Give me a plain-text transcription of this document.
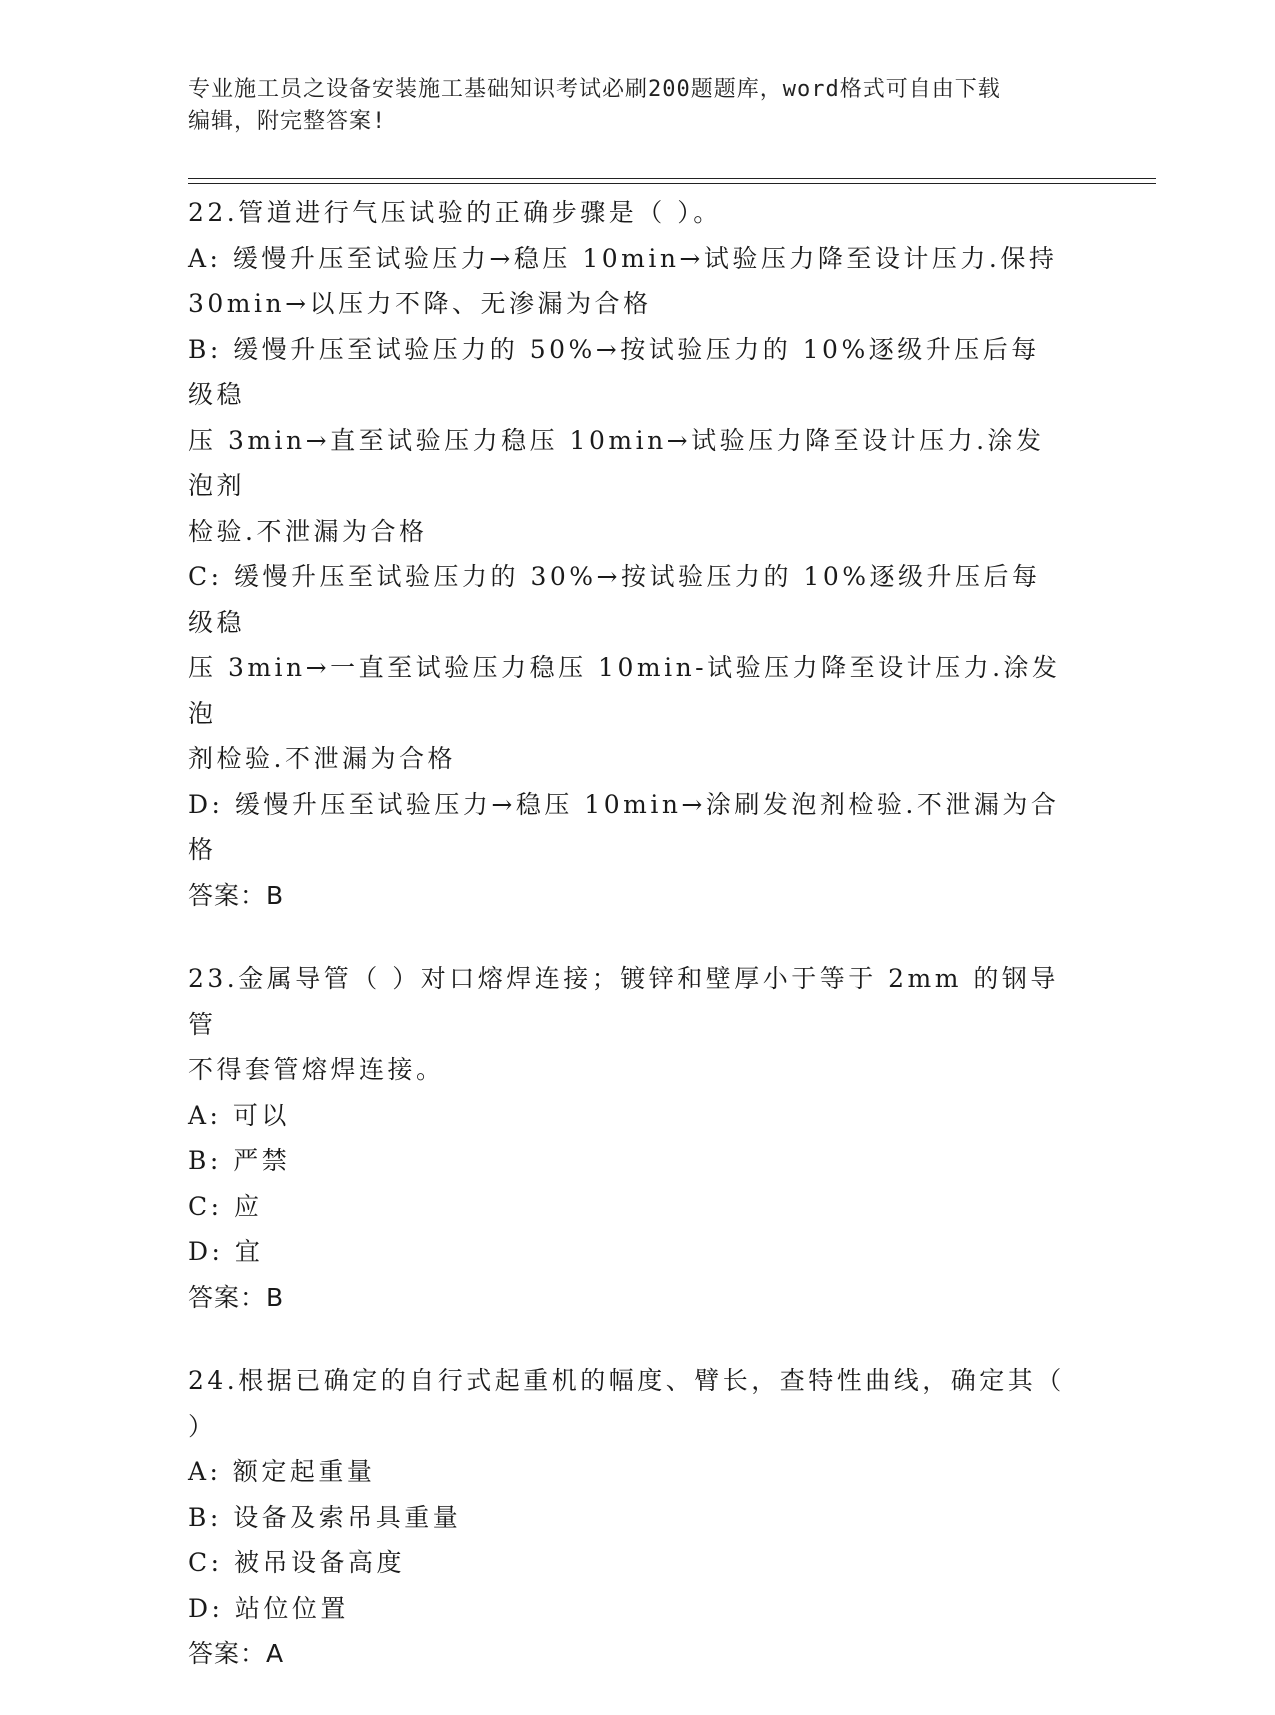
专业施工员之设备安装施工基础知识考试必刷200题题库，word格式可自由下载
编辑，附完整答案!
22.管道进行气压试验的正确步骤是（ ）。
A: 缓慢升压至试验压力→稳压 10min→试验压力降至设计压力.保持
30min→以压力不降、无渗漏为合格
B: 缓慢升压至试验压力的 50%→按试验压力的 10%逐级升压后每级稳
压 3min→直至试验压力稳压 10min→试验压力降至设计压力.涂发泡剂
检验.不泄漏为合格
C: 缓慢升压至试验压力的 30%→按试验压力的 10%逐级升压后每级稳
压 3min→一直至试验压力稳压 10min-试验压力降至设计压力.涂发泡
剂检验.不泄漏为合格
D: 缓慢升压至试验压力→稳压 10min→涂刷发泡剂检验.不泄漏为合格
答案：B
23.金属导管（ ）对口熔焊连接；镀锌和壁厚小于等于 2mm 的钢导管
不得套管熔焊连接。
A: 可以
B: 严禁
C: 应
D: 宜
答案：B
24.根据已确定的自行式起重机的幅度、臂长，查特性曲线，确定其（
）
A: 额定起重量
B: 设备及索吊具重量
C: 被吊设备高度
D: 站位位置
答案：A
